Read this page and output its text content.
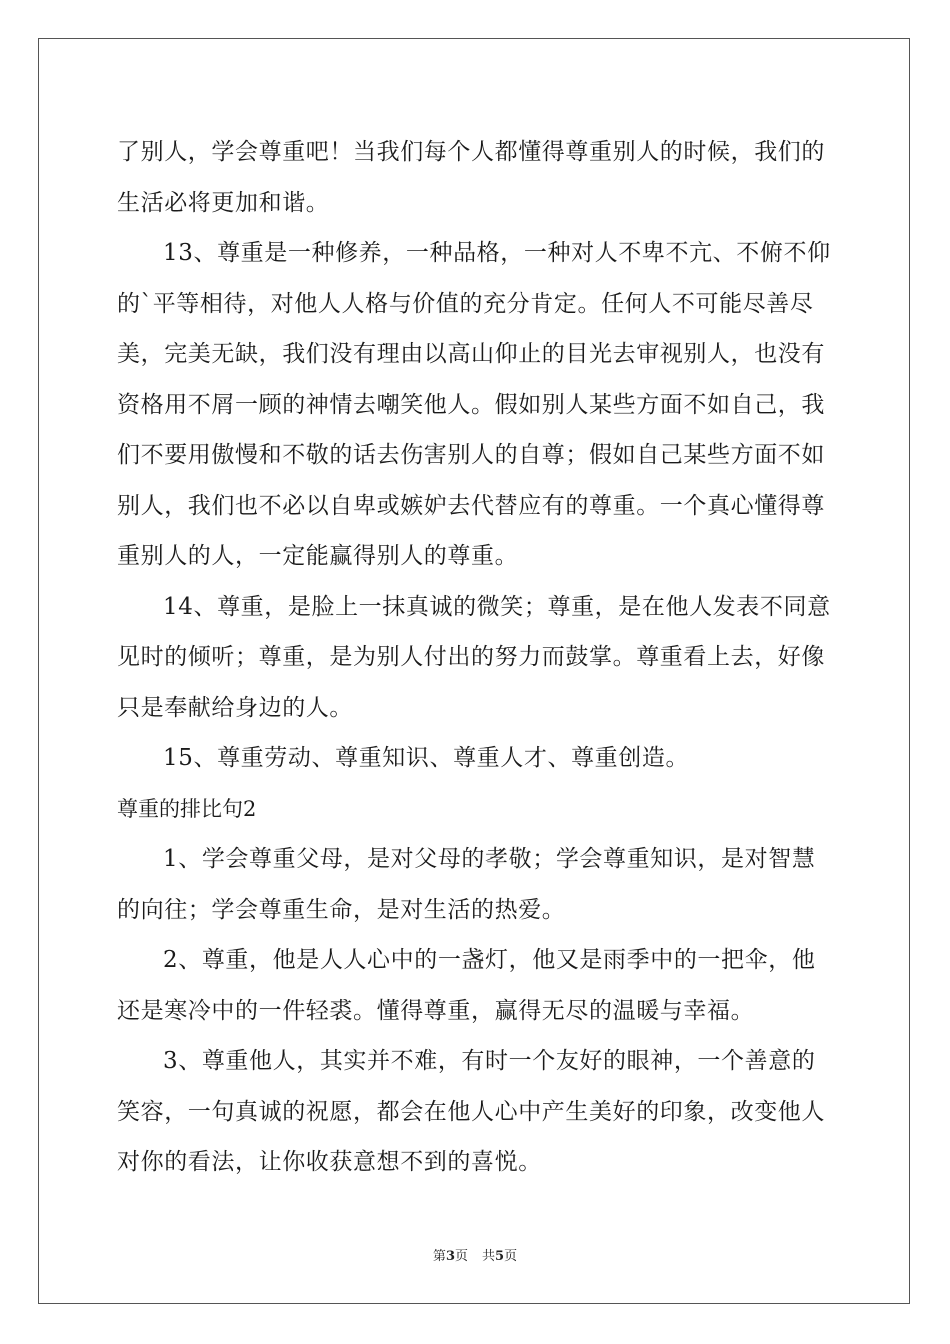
了别人，学会尊重吧！当我们每个人都懂得尊重别人的时候，我们的
生活必将更加和谐。
13、尊重是一种修养，一种品格，一种对人不卑不亢、不俯不仰
的`平等相待，对他人人格与价值的充分肯定。任何人不可能尽善尽
美，完美无缺，我们没有理由以高山仰止的目光去审视别人，也没有
资格用不屑一顾的神情去嘲笑他人。假如别人某些方面不如自己，我
们不要用傲慢和不敬的话去伤害别人的自尊；假如自己某些方面不如
别人，我们也不必以自卑或嫉妒去代替应有的尊重。一个真心懂得尊
重别人的人，一定能赢得别人的尊重。
14、尊重，是脸上一抹真诚的微笑；尊重，是在他人发表不同意
见时的倾听；尊重，是为别人付出的努力而鼓掌。尊重看上去，好像
只是奉献给身边的人。
15、尊重劳动、尊重知识、尊重人才、尊重创造。
尊重的排比句2
1、学会尊重父母，是对父母的孝敬；学会尊重知识，是对智慧
的向往；学会尊重生命，是对生活的热爱。
2、尊重，他是人人心中的一盏灯，他又是雨季中的一把伞，他
还是寒冷中的一件轻裘。懂得尊重，赢得无尽的温暖与幸福。
3、尊重他人，其实并不难，有时一个友好的眼神，一个善意的
笑容，一句真诚的祝愿，都会在他人心中产生美好的印象，改变他人
对你的看法，让你收获意想不到的喜悦。
第3页 共5页
